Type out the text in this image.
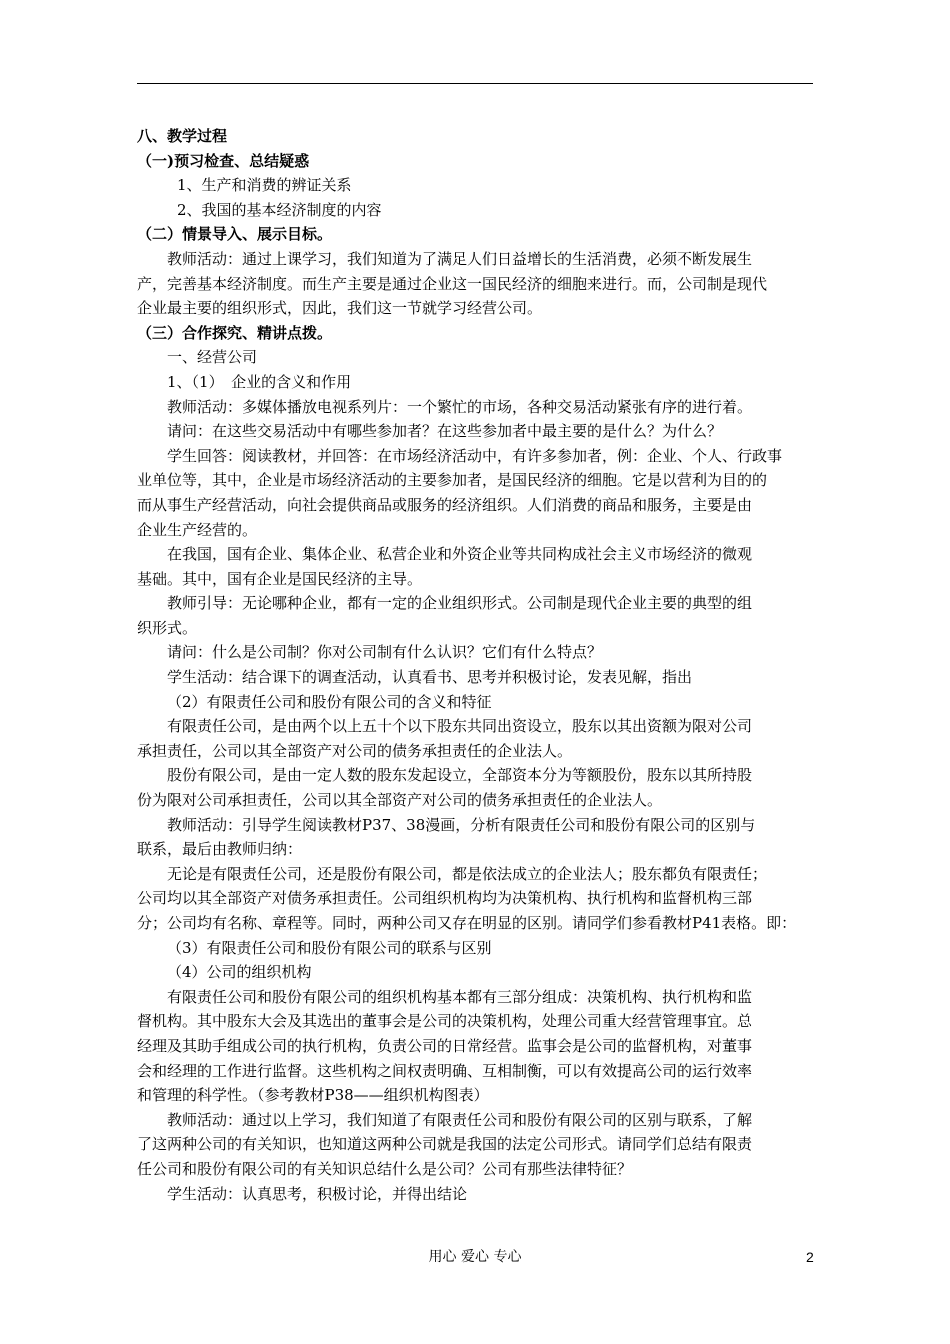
八、教学过程
（一)预习检查、总结疑惑
1、生产和消费的辨证关系
2、我国的基本经济制度的内容
（二）情景导入、展示目标。
教师活动：通过上课学习，我们知道为了满足人们日益增长的生活消费，必须不断发展生
产，完善基本经济制度。而生产主要是通过企业这一国民经济的细胞来进行。而，公司制是现代
企业最主要的组织形式，因此，我们这一节就学习经营公司。
（三）合作探究、精讲点拨。
一、经营公司
1、（1）　企业的含义和作用
教师活动：多媒体播放电视系列片：一个繁忙的市场，各种交易活动紧张有序的进行着。
请问：在这些交易活动中有哪些参加者？在这些参加者中最主要的是什么？为什么？
学生回答：阅读教材，并回答：在市场经济活动中，有许多参加者，例：企业、个人、行政事
业单位等，其中，企业是市场经济活动的主要参加者，是国民经济的细胞。它是以营利为目的的
而从事生产经营活动，向社会提供商品或服务的经济组织。人们消费的商品和服务，主要是由
企业生产经营的。
在我国，国有企业、集体企业、私营企业和外资企业等共同构成社会主义市场经济的微观
基础。其中，国有企业是国民经济的主导。
教师引导：无论哪种企业，都有一定的企业组织形式。公司制是现代企业主要的典型的组
织形式。
请问：什么是公司制？你对公司制有什么认识？它们有什么特点？
学生活动：结合课下的调查活动，认真看书、思考并积极讨论，发表见解，指出
（2）有限责任公司和股份有限公司的含义和特征
有限责任公司，是由两个以上五十个以下股东共同出资设立，股东以其出资额为限对公司
承担责任，公司以其全部资产对公司的债务承担责任的企业法人。
股份有限公司，是由一定人数的股东发起设立，全部资本分为等额股份，股东以其所持股
份为限对公司承担责任，公司以其全部资产对公司的债务承担责任的企业法人。
教师活动：引导学生阅读教材P37、38漫画，分析有限责任公司和股份有限公司的区别与
联系，最后由教师归纳：
无论是有限责任公司，还是股份有限公司，都是依法成立的企业法人；股东都负有限责任；
公司均以其全部资产对债务承担责任。公司组织机构均为决策机构、执行机构和监督机构三部
分；公司均有名称、章程等。同时，两种公司又存在明显的区别。请同学们参看教材P41表格。即：
（3）有限责任公司和股份有限公司的联系与区别
（4）公司的组织机构
有限责任公司和股份有限公司的组织机构基本都有三部分组成：决策机构、执行机构和监
督机构。其中股东大会及其选出的董事会是公司的决策机构，处理公司重大经营管理事宜。总
经理及其助手组成公司的执行机构，负责公司的日常经营。监事会是公司的监督机构，对董事
会和经理的工作进行监督。这些机构之间权责明确、互相制衡，可以有效提高公司的运行效率
和管理的科学性。（参考教材P38——组织机构图表）
教师活动：通过以上学习，我们知道了有限责任公司和股份有限公司的区别与联系，了解
了这两种公司的有关知识，也知道这两种公司就是我国的法定公司形式。请同学们总结有限责
任公司和股份有限公司的有关知识总结什么是公司？公司有那些法律特征？
学生活动：认真思考，积极讨论，并得出结论
用心 爱心 专心	2
